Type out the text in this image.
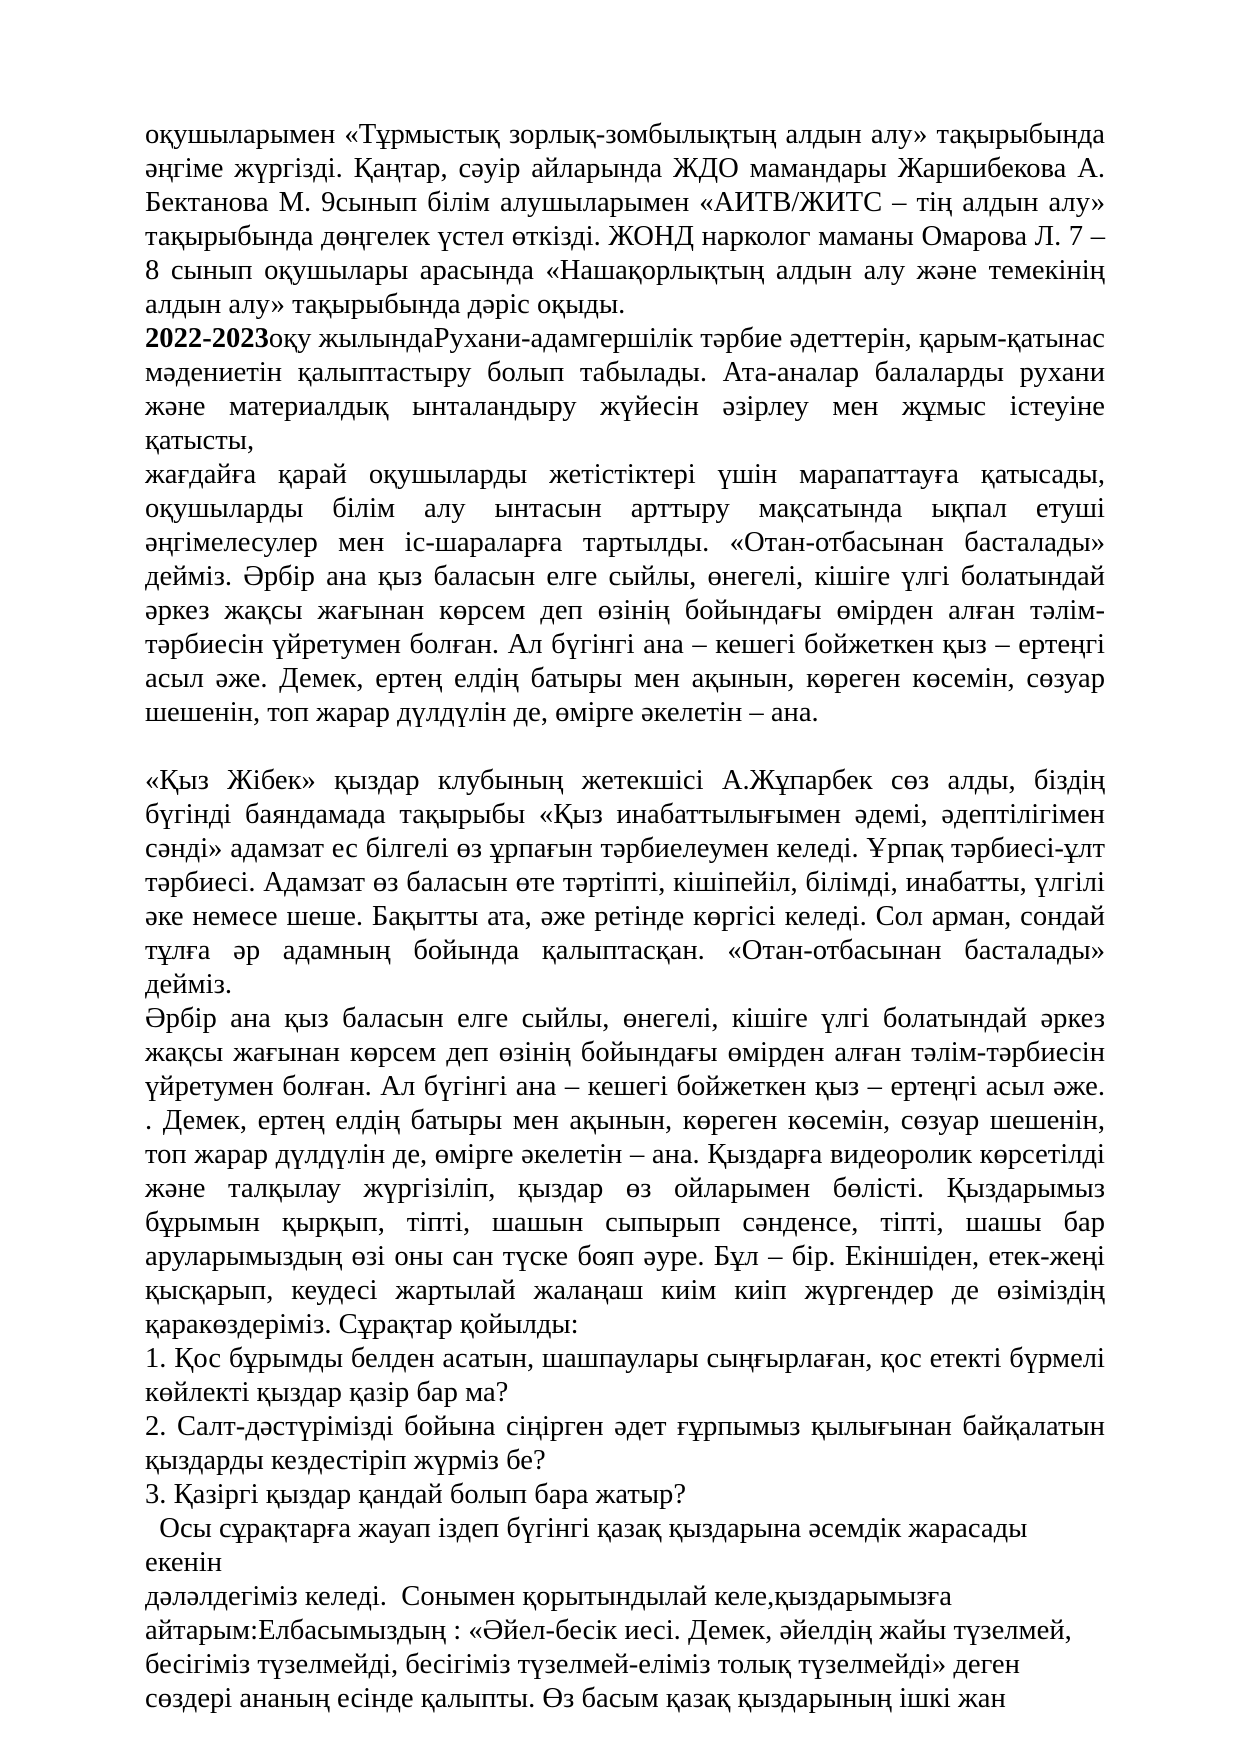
оқушыларымен «Тұрмыстық зорлық-зомбылықтың алдын алу» тақырыбында
әңгіме жүргізді. Қаңтар, сәуір айларында ЖДО мамандары Жаршибекова А.
Бектанова М. 9сынып білім алушыларымен «АИТВ/ЖИТС – тің алдын алу»
тақырыбында дөңгелек үстел өткізді. ЖОНД нарколог маманы Омарова Л. 7 –
8 сынып оқушылары арасында «Нашақорлықтың алдын алу және темекінің
алдын алу» тақырыбында дәріс оқыды.
2022-2023оқу жылындаРухани-адамгершілік тәрбие әдеттерін, қарым-қатынас
мәдениетін қалыптастыру болып табылады. Ата-аналар балаларды рухани
және материалдық ынталандыру жүйесін әзірлеу мен жұмыс істеуіне қатысты,
жағдайға қарай оқушыларды жетістіктері үшін марапаттауға қатысады,
оқушыларды білім алу ынтасын арттыру мақсатында ықпал етуші
әңгімелесулер мен іс-шараларға тартылды. «Отан-отбасынан басталады»
дейміз. Әрбір ана қыз баласын елге сыйлы, өнегелі, кішіге үлгі болатындай
әркез жақсы жағынан көрсем деп өзінің бойындағы өмірден алған тәлім-
тәрбиесін үйретумен болған. Ал бүгінгі ана – кешегі бойжеткен қыз – ертеңгі
асыл әже. Демек, ертең елдің батыры мен ақынын, көреген көсемін, сөзуар
шешенін, топ жарар дүлдүлін де, өмірге әкелетін – ана.
«Қыз Жібек» қыздар клубының жетекшісі А.Жұпарбек сөз алды, біздің
бүгінді баяндамада тақырыбы «Қыз инабаттылығымен әдемі, әдептілігімен
сәнді» адамзат ес білгелі өз ұрпағын тәрбиелеумен келеді. Ұрпақ тәрбиесі-ұлт
тәрбиесі. Адамзат өз баласын өте тәртіпті, кішіпейіл, білімді, инабатты, үлгілі
әке немесе шеше. Бақытты ата, әже ретінде көргісі келеді. Сол арман, сондай
тұлға әр адамның бойында қалыптасқан. «Отан-отбасынан басталады» дейміз.
Әрбір ана қыз баласын елге сыйлы, өнегелі, кішіге үлгі болатындай әркез
жақсы жағынан көрсем деп өзінің бойындағы өмірден алған тәлім-тәрбиесін
үйретумен болған. Ал бүгінгі ана – кешегі бойжеткен қыз – ертеңгі асыл әже.
. Демек, ертең елдің батыры мен ақынын, көреген көсемін, сөзуар шешенін,
топ жарар дүлдүлін де, өмірге әкелетін – ана. Қыздарға видеоролик көрсетілді
және талқылау жүргізіліп, қыздар өз ойларымен бөлісті. Қыздарымыз
бұрымын қырқып, тіпті, шашын сыпырып сәнденсе, тіпті, шашы бар
аруларымыздың өзі оны сан түске бояп әуре. Бұл – бір. Екіншіден, етек-жеңі
қысқарып, кеудесі жартылай жалаңаш киім киіп жүргендер де өзіміздің
қаракөздеріміз. Сұрақтар қойылды:
1. Қос бұрымды белден асатын, шашпаулары сыңғырлаған, қос етекті бүрмелі
көйлекті қыздар қазір бар ма?
2. Салт-дәстүрімізді бойына сіңірген әдет ғұрпымыз қылығынан байқалатын
қыздарды кездестіріп жүрміз бе?
3. Қазіргі қыздар қандай болып бара жатыр?
Осы сұрақтарға жауап іздеп бүгінгі қазақ қыздарына әсемдік жарасады екенін
дәләлдегіміз келеді.  Сонымен қорытындылай келе,қыздарымызға
айтарым:Елбасымыздың : «Әйел-бесік иесі. Демек, әйелдің жайы түзелмей,
бесігіміз түзелмейді, бесігіміз түзелмей-еліміз толық түзелмейді» деген
сөздері ананың есінде қалыпты. Өз басым қазақ қыздарының ішкі жан
